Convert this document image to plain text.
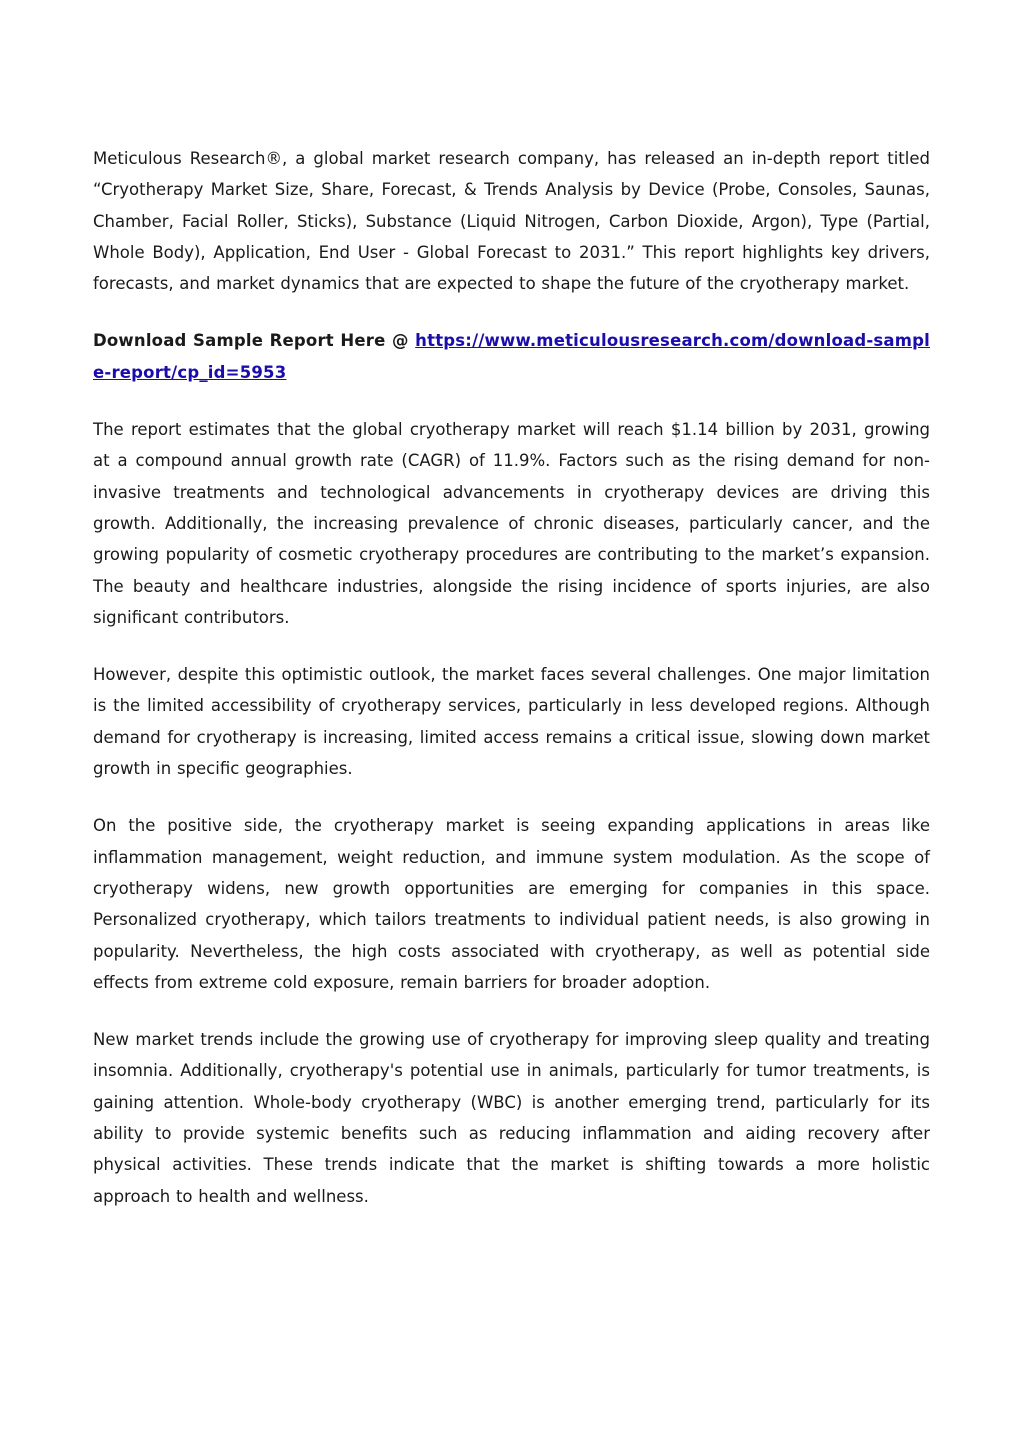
Meticulous Research®, a global market research company, has released an in-depth report titled “Cryotherapy Market Size, Share, Forecast, & Trends Analysis by Device (Probe, Consoles, Saunas, Chamber, Facial Roller, Sticks), Substance (Liquid Nitrogen, Carbon Dioxide, Argon), Type (Partial, Whole Body), Application, End User - Global Forecast to 2031.” This report highlights key drivers, forecasts, and market dynamics that are expected to shape the future of the cryotherapy market.

Download Sample Report Here @ https://www.meticulousresearch.com/download-sample-report/cp_id=5953

The report estimates that the global cryotherapy market will reach $1.14 billion by 2031, growing at a compound annual growth rate (CAGR) of 11.9%. Factors such as the rising demand for non-invasive treatments and technological advancements in cryotherapy devices are driving this growth. Additionally, the increasing prevalence of chronic diseases, particularly cancer, and the growing popularity of cosmetic cryotherapy procedures are contributing to the market’s expansion. The beauty and healthcare industries, alongside the rising incidence of sports injuries, are also significant contributors.

However, despite this optimistic outlook, the market faces several challenges. One major limitation is the limited accessibility of cryotherapy services, particularly in less developed regions. Although demand for cryotherapy is increasing, limited access remains a critical issue, slowing down market growth in specific geographies.

On the positive side, the cryotherapy market is seeing expanding applications in areas like inflammation management, weight reduction, and immune system modulation. As the scope of cryotherapy widens, new growth opportunities are emerging for companies in this space. Personalized cryotherapy, which tailors treatments to individual patient needs, is also growing in popularity. Nevertheless, the high costs associated with cryotherapy, as well as potential side effects from extreme cold exposure, remain barriers for broader adoption.

New market trends include the growing use of cryotherapy for improving sleep quality and treating insomnia. Additionally, cryotherapy's potential use in animals, particularly for tumor treatments, is gaining attention. Whole-body cryotherapy (WBC) is another emerging trend, particularly for its ability to provide systemic benefits such as reducing inflammation and aiding recovery after physical activities. These trends indicate that the market is shifting towards a more holistic approach to health and wellness.
